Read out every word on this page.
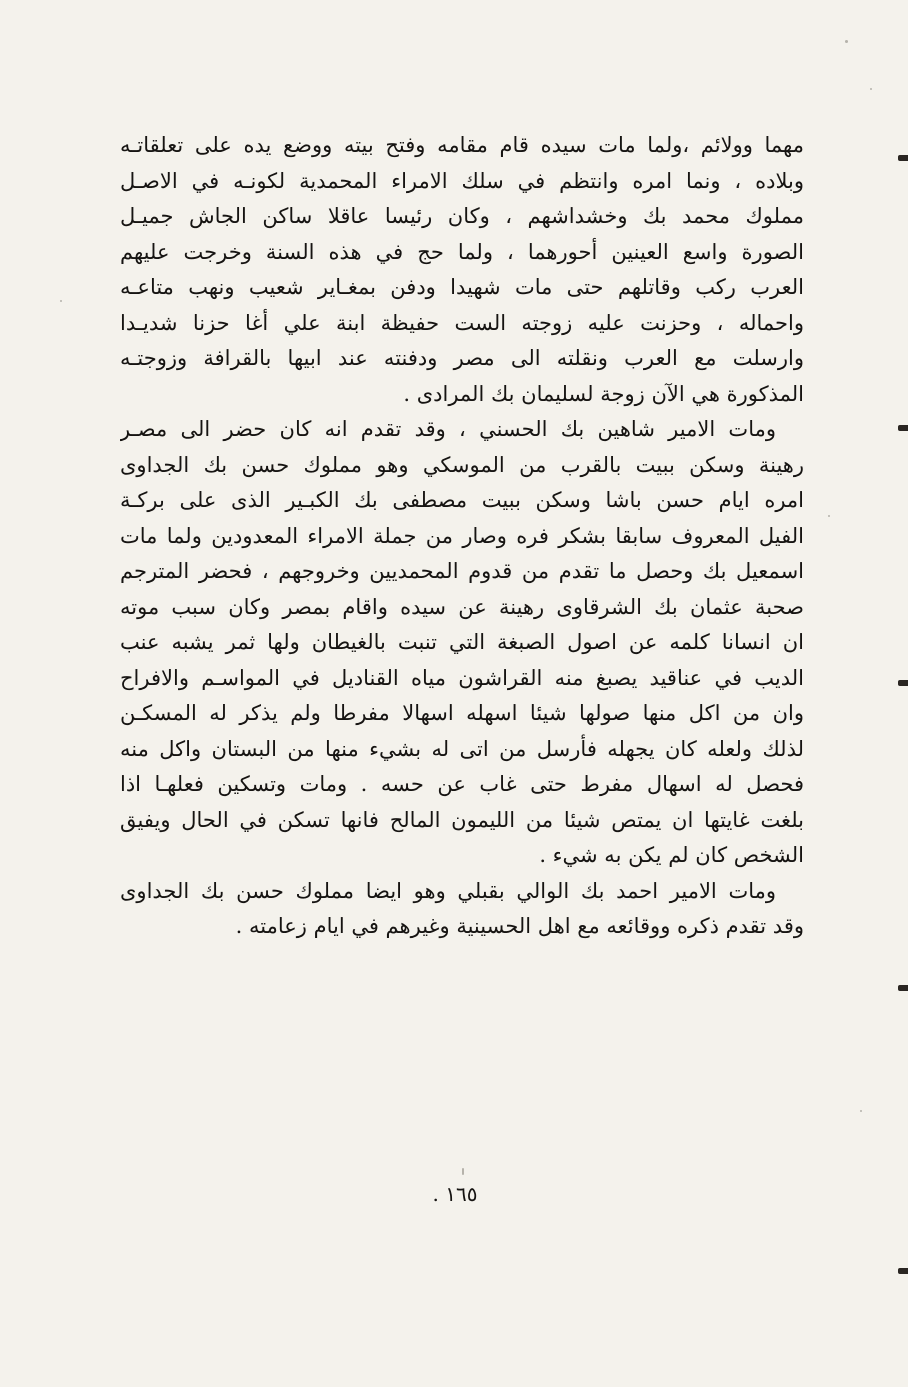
مهما وولائم ،ولما مات سيده قام مقامه وفتح بيته ووضع يده على تعلقاتـه
وبلاده ، ونما امره وانتظم في سلك الامراء المحمدية لكونـه في الاصـل
مملوك محمد بك وخشداشهم ، وكان رئيسا عاقلا ساكن الجاش جميـل
الصورة واسع العينين أحورهما ، ولما حج في هذه السنة وخرجت عليهم
العرب ركب وقاتلهم حتى مات شهيدا ودفن بمغـاير شعيب ونهب متاعـه
واحماله ، وحزنت عليه زوجته الست حفيظة ابنة علي أغا حزنا شديـدا
وارسلت مع العرب ونقلته الى مصر ودفنته عند ابيها بالقرافة وزوجتـه
المذكورة هي الآن زوجة لسليمان بك المرادى .
ومات الامير شاهين بك الحسني ، وقد تقدم انه كان حضر الى مصـر
رهينة وسكن ببيت بالقرب من الموسكي وهو مملوك حسن بك الجداوى
امره ايام حسن باشا وسكن ببيت مصطفى بك الكبـير الذى على بركـة
الفيل المعروف سابقا بشكر فره وصار من جملة الامراء المعدودين ولما مات
اسمعيل بك وحصل ما تقدم من قدوم المحمديين وخروجهم ، فحضر المترجم
صحبة عثمان بك الشرقاوى رهينة عن سيده واقام بمصر وكان سبب موته
ان انسانا كلمه عن اصول الصبغة التي تنبت بالغيطان ولها ثمر يشبه عنب
الديب في عناقيد يصبغ منه القراشون مياه القناديل في المواسـم والافراح
وان من اكل منها صولها شيئا اسهله اسهالا مفرطا ولم يذكر له المسكـن
لذلك ولعله كان يجهله فأرسل من اتى له بشيء منها من البستان واكل منه
فحصل له اسهال مفرط حتى غاب عن حسه . ومات وتسكين فعلهـا اذا
بلغت غايتها ان يمتص شيئا من الليمون المالح فانها تسكن في الحال ويفيق
الشخص كان لم يكن به شيء .
ومات الامير احمد بك الوالي بقبلي وهو ايضا مملوك حسن بك الجداوى
وقد تقدم ذكره ووقائعه مع اهل الحسينية وغيرهم في ايام زعامته .
١٦٥ .
